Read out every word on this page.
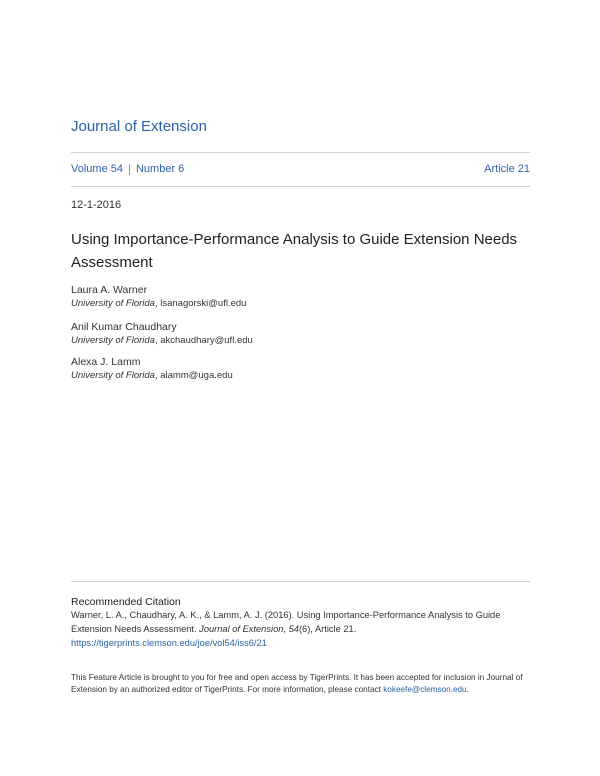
Journal of Extension
Volume 54 Number 6	Article 21
12-1-2016
Using Importance-Performance Analysis to Guide Extension Needs Assessment
Laura A. Warner
University of Florida, lsanagorski@ufl.edu
Anil Kumar Chaudhary
University of Florida, akchaudhary@ufl.edu
Alexa J. Lamm
University of Florida, alamm@uga.edu
Recommended Citation
Warner, L. A., Chaudhary, A. K., & Lamm, A. J. (2016). Using Importance-Performance Analysis to Guide Extension Needs Assessment. Journal of Extension, 54(6), Article 21. https://tigerprints.clemson.edu/joe/vol54/iss6/21
This Feature Article is brought to you for free and open access by TigerPrints. It has been accepted for inclusion in Journal of Extension by an authorized editor of TigerPrints. For more information, please contact kokeefe@clemson.edu.
